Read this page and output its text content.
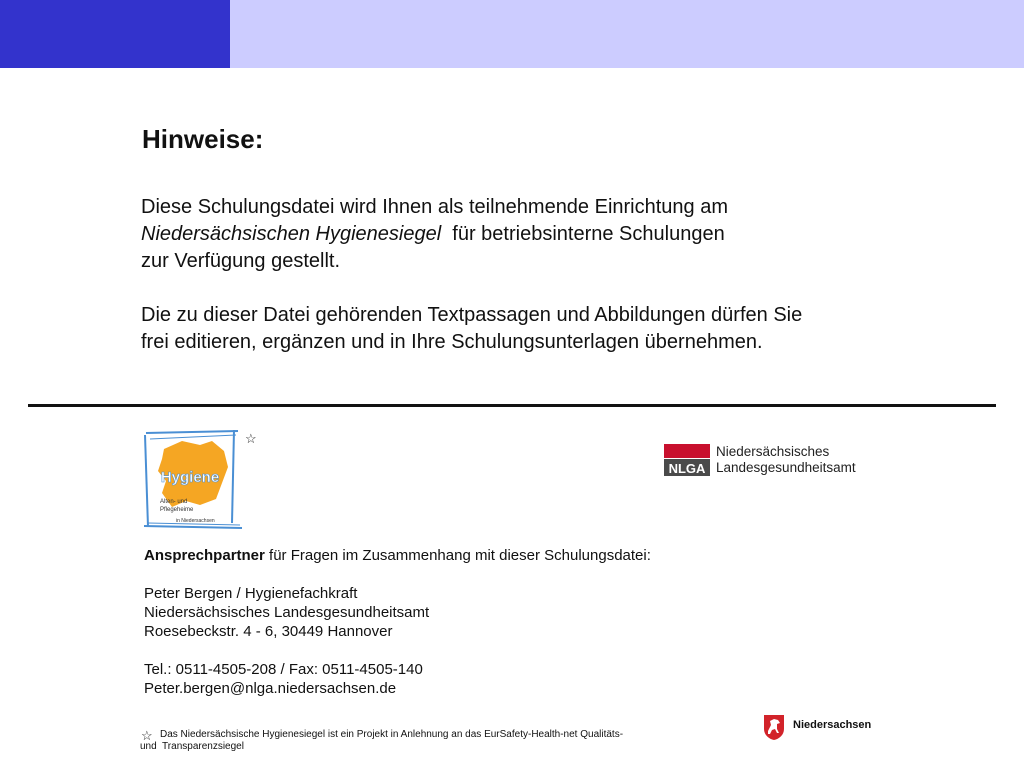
Hinweise:
Diese Schulungsdatei wird Ihnen als teilnehmende Einrichtung am
Niedersächsischen Hygienesiegel  für betriebsinterne Schulungen
zur Verfügung gestellt.
Die zu dieser Datei gehörenden Textpassagen und Abbildungen dürfen Sie
frei editieren, ergänzen und in Ihre Schulungsunterlagen übernehmen.
Hygiene
Alten- und
Pflegeheime
in Niedersachsen
☆
NLGA
Niedersächsisches
Landesgesundheitsamt
Ansprechpartner für Fragen im Zusammenhang mit dieser Schulungsdatei:
Peter Bergen / Hygienefachkraft
Niedersächsisches Landesgesundheitsamt
Roesebeckstr. 4 - 6, 30449 Hannover
Tel.: 0511-4505-208 / Fax: 0511-4505-140
Peter.bergen@nlga.niedersachsen.de
☆ Das Niedersächsische Hygienesiegel ist ein Projekt in Anlehnung an das EurSafety-Health-net Qualitäts-
und  Transparenzsiegel
Niedersachsen
